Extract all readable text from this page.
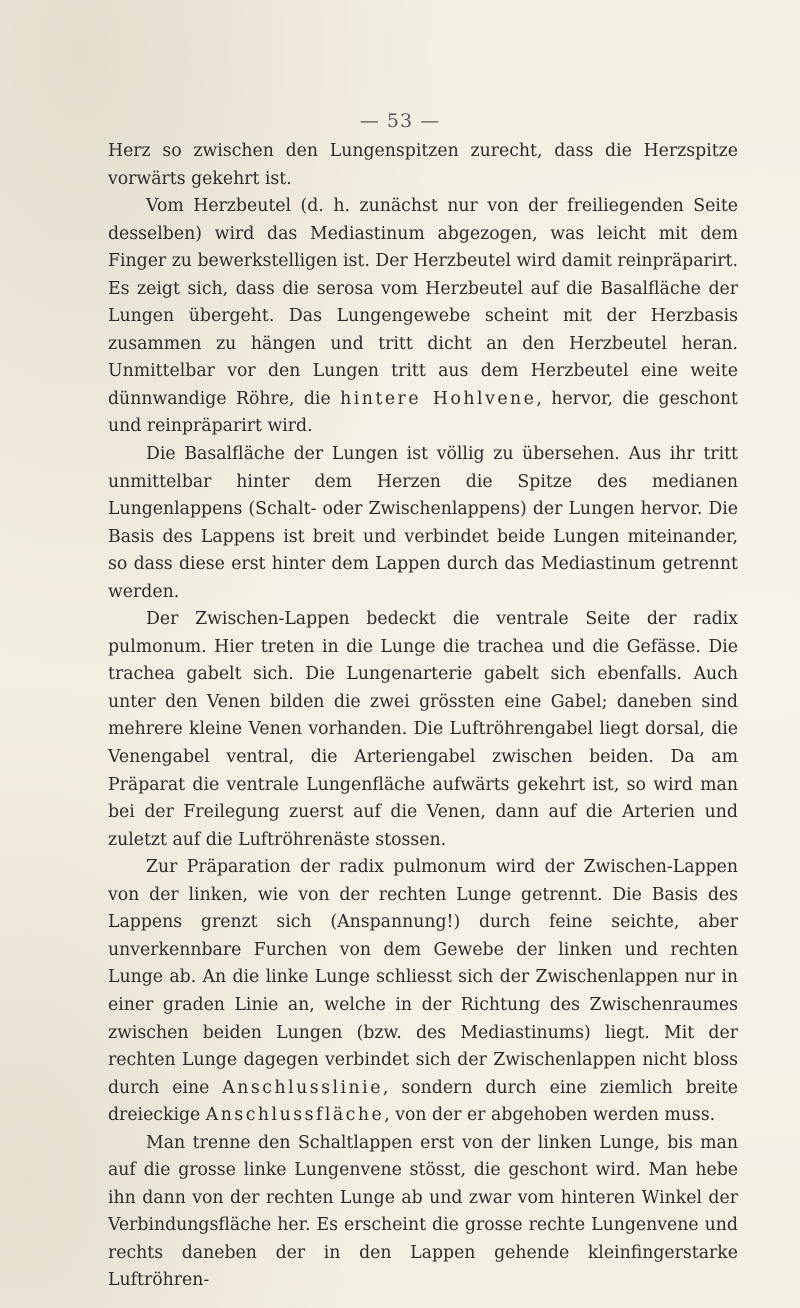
— 53 —

Herz so zwischen den Lungenspitzen zurecht, dass die Herzspitze vorwärts gekehrt ist.

Vom Herzbeutel (d. h. zunächst nur von der freiliegenden Seite desselben) wird das Mediastinum abgezogen, was leicht mit dem Finger zu bewerkstelligen ist. Der Herzbeutel wird damit reinpräparirt. Es zeigt sich, dass die serosa vom Herzbeutel auf die Basalfläche der Lungen übergeht. Das Lungengewebe scheint mit der Herzbasis zusammen zu hängen und tritt dicht an den Herzbeutel heran. Unmittelbar vor den Lungen tritt aus dem Herzbeutel eine weite dünnwandige Röhre, die hintere Hohlvene, hervor, die geschont und reinpräparirt wird.

Die Basalfläche der Lungen ist völlig zu übersehen. Aus ihr tritt unmittelbar hinter dem Herzen die Spitze des medianen Lungenlappens (Schalt- oder Zwischenlappens) der Lungen hervor. Die Basis des Lappens ist breit und verbindet beide Lungen miteinander, so dass diese erst hinter dem Lappen durch das Mediastinum getrennt werden.

Der Zwischen-Lappen bedeckt die ventrale Seite der radix pulmonum. Hier treten in die Lunge die trachea und die Gefässe. Die trachea gabelt sich. Die Lungenarterie gabelt sich ebenfalls. Auch unter den Venen bilden die zwei grössten eine Gabel; daneben sind mehrere kleine Venen vorhanden. Die Luftröhrengabel liegt dorsal, die Venengabel ventral, die Arteriengabel zwischen beiden. Da am Präparat die ventrale Lungenfläche aufwärts gekehrt ist, so wird man bei der Freilegung zuerst auf die Venen, dann auf die Arterien und zuletzt auf die Luftröhrenäste stossen.

Zur Präparation der radix pulmonum wird der Zwischen-Lappen von der linken, wie von der rechten Lunge getrennt. Die Basis des Lappens grenzt sich (Anspannung!) durch feine seichte, aber unverkennbare Furchen von dem Gewebe der linken und rechten Lunge ab. An die linke Lunge schliesst sich der Zwischenlappen nur in einer graden Linie an, welche in der Richtung des Zwischenraumes zwischen beiden Lungen (bzw. des Mediastinums) liegt. Mit der rechten Lunge dagegen verbindet sich der Zwischenlappen nicht bloss durch eine Anschlusslinie, sondern durch eine ziemlich breite dreieckige Anschlussfläche, von der er abgehoben werden muss.

Man trenne den Schaltlappen erst von der linken Lunge, bis man auf die grosse linke Lungenvene stösst, die geschont wird. Man hebe ihn dann von der rechten Lunge ab und zwar vom hinteren Winkel der Verbindungsfläche her. Es erscheint die grosse rechte Lungenvene und rechts daneben der in den Lappen gehende kleinfingerstarke Luftröhren-
